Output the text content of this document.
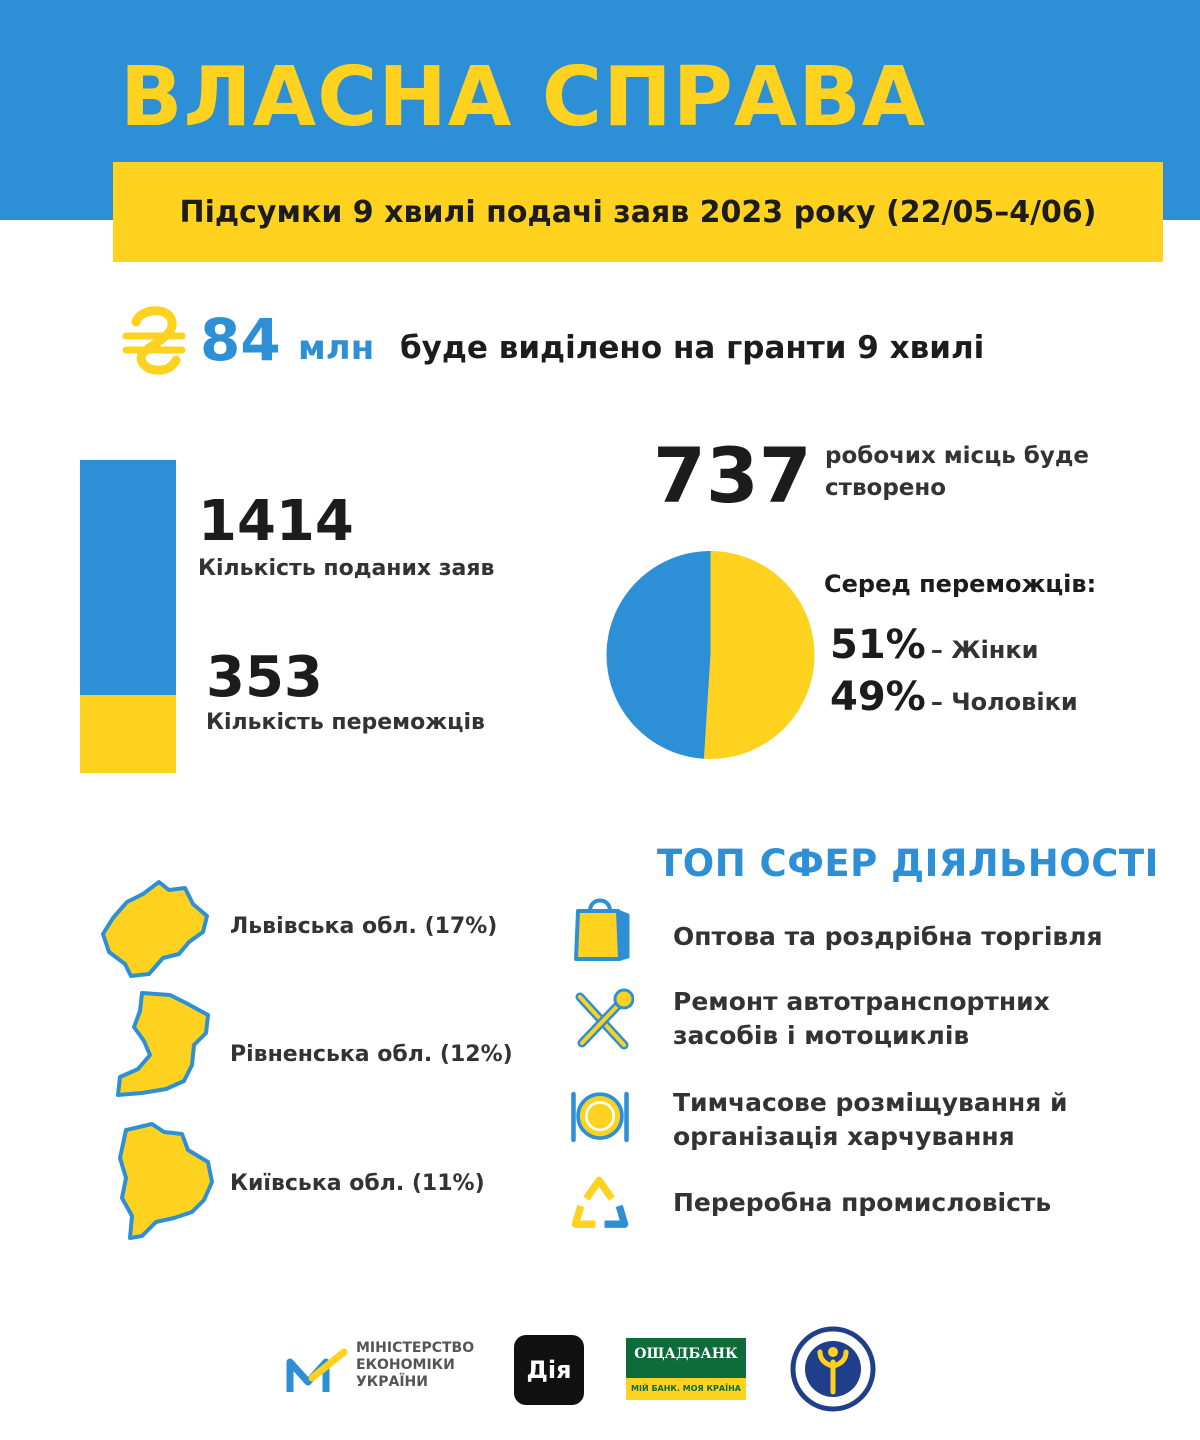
ВЛАСНА СПРАВА
Підсумки 9 хвилі подачі заяв 2023 року (22/05–4/06)
84 млн буде виділено на гранти 9 хвилі
1414
Кількість поданих заяв
353
Кількість переможців
737 робочих місць буде створено
Серед переможців:
51% – Жінки
49% – Чоловіки
ТОП СФЕР ДІЯЛЬНОСТІ
Львівська обл. (17%)
Рівненська обл. (12%)
Київська обл. (11%)
Оптова та роздрібна торгівля
Ремонт автотранспортних засобів і мотоциклів
Тимчасове розміщування й організація харчування
Переробна промисловість
МІНІСТЕРСТВО ЕКОНОМІКИ УКРАЇНИ	Дія
ОЩАДБАНК
МІЙ БАНК. МОЯ КРАЇНА
